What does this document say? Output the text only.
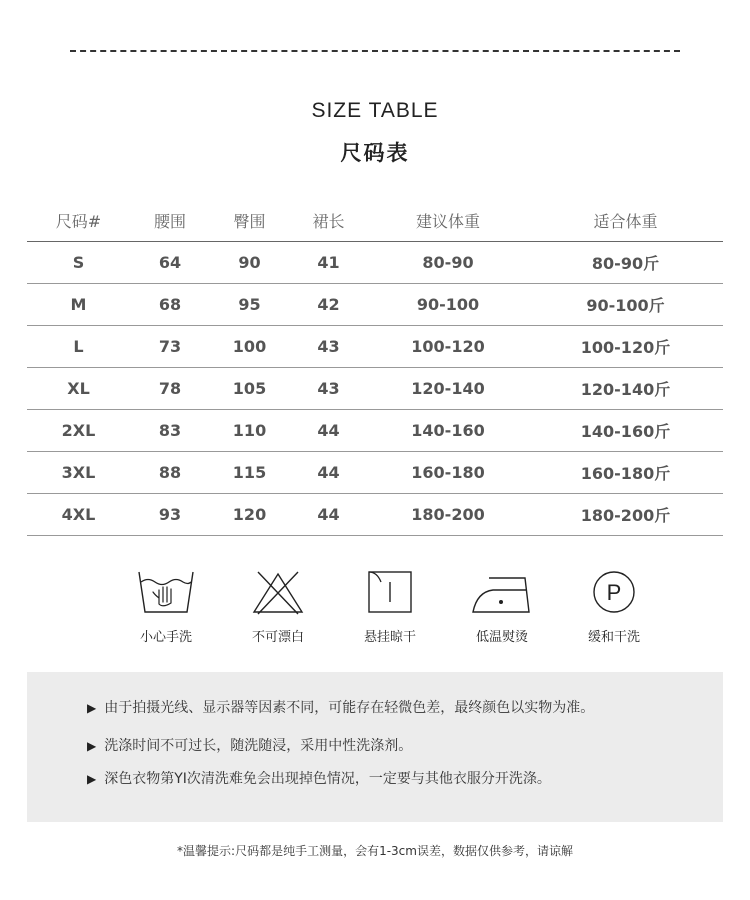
SIZE TABLE
尺码表
尺码#	腰围	臀围	裙长	建议体重	适合体重
S	64	90	41	80-90	80-90斤
M	68	95	42	90-100	90-100斤
L	73	100	43	100-120	100-120斤
XL	78	105	43	120-140	120-140斤
2XL	83	110	44	140-160	140-160斤
3XL	88	115	44	160-180	160-180斤
4XL	93	120	44	180-200	180-200斤
小心手洗	不可漂白	悬挂晾干	低温熨烫
P
缓和干洗
▶ 由于拍摄光线、显示器等因素不同，可能存在轻微色差，最终颜色以实物为准。
▶ 洗涤时间不可过长，随洗随浸，采用中性洗涤剂。
▶ 深色衣物第YI次清洗难免会出现掉色情况，一定要与其他衣服分开洗涤。
*温馨提示:尺码都是纯手工测量，会有1-3cm误差，数据仅供参考，请谅解
